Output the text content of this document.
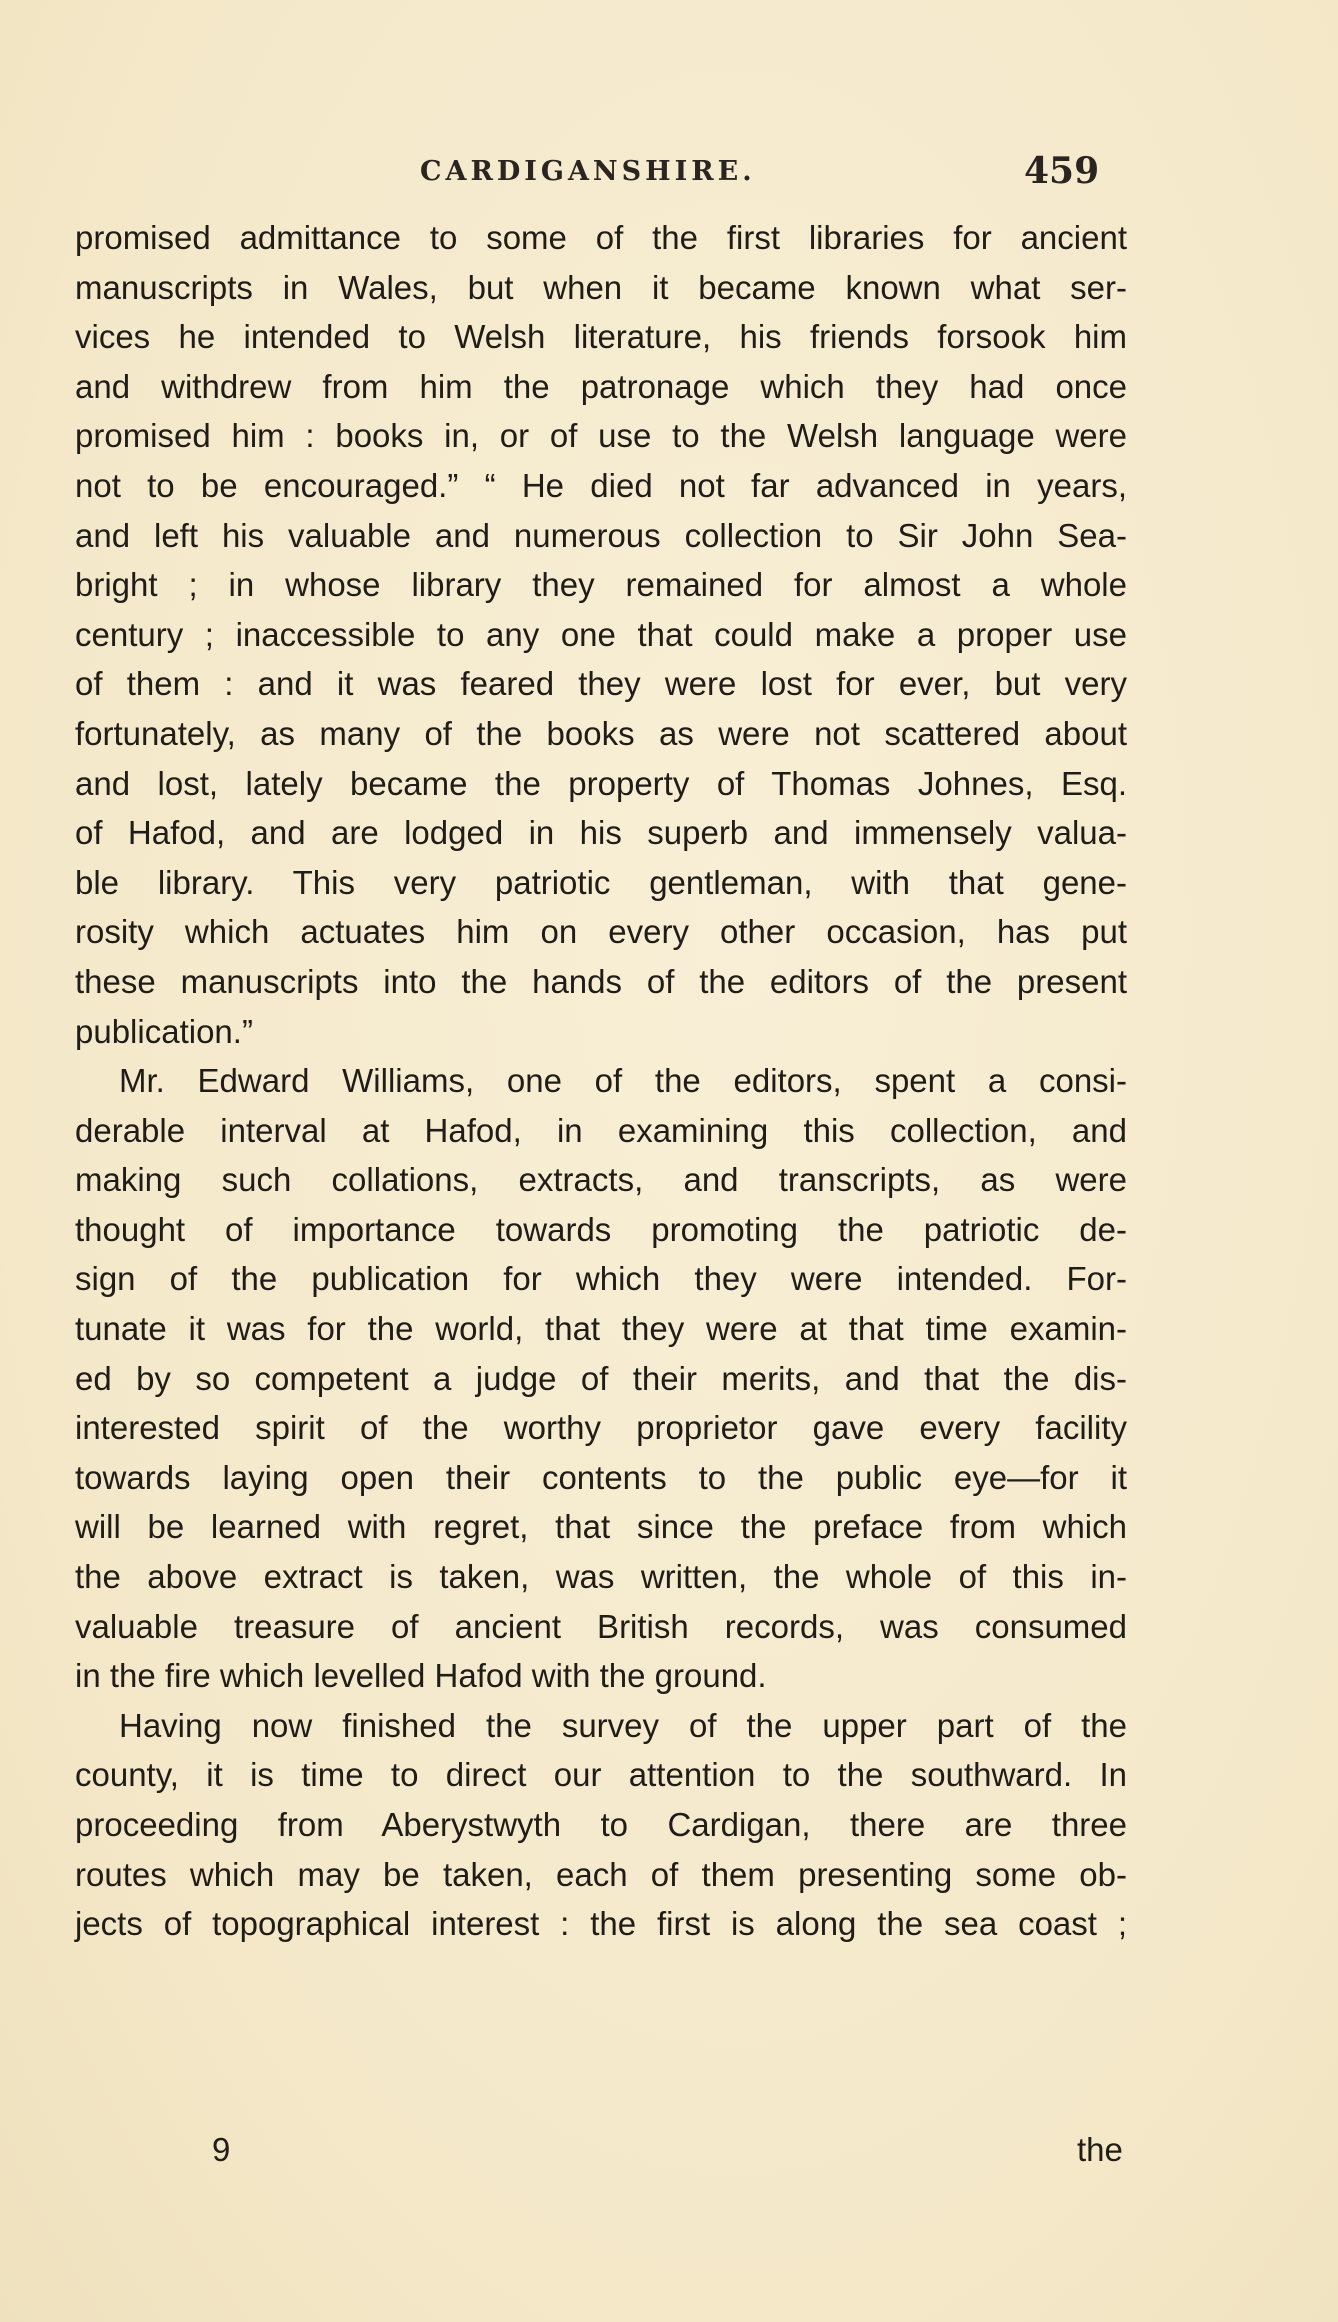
CARDIGANSHIRE.	459
promised admittance to some of the first libraries for ancient
manuscripts in Wales, but when it became known what ser-
vices he intended to Welsh literature, his friends forsook him
and withdrew from him the patronage which they had once
promised him : books in, or of use to the Welsh language were
not to be encouraged.” “ He died not far advanced in years,
and left his valuable and numerous collection to Sir John Sea-
bright ; in whose library they remained for almost a whole
century ; inaccessible to any one that could make a proper use
of them : and it was feared they were lost for ever, but very
fortunately, as many of the books as were not scattered about
and lost, lately became the property of Thomas Johnes, Esq.
of Hafod, and are lodged in his superb and immensely valua-
ble library. This very patriotic gentleman, with that gene-
rosity which actuates him on every other occasion, has put
these manuscripts into the hands of the editors of the present
publication.”
Mr. Edward Williams, one of the editors, spent a consi-
derable interval at Hafod, in examining this collection, and
making such collations, extracts, and transcripts, as were
thought of importance towards promoting the patriotic de-
sign of the publication for which they were intended. For-
tunate it was for the world, that they were at that time examin-
ed by so competent a judge of their merits, and that the dis-
interested spirit of the worthy proprietor gave every facility
towards laying open their contents to the public eye—for it
will be learned with regret, that since the preface from which
the above extract is taken, was written, the whole of this in-
valuable treasure of ancient British records, was consumed
in the fire which levelled Hafod with the ground.
Having now finished the survey of the upper part of the
county, it is time to direct our attention to the southward. In
proceeding from Aberystwyth to Cardigan, there are three
routes which may be taken, each of them presenting some ob-
jects of topographical interest : the first is along the sea coast ;
9	the
